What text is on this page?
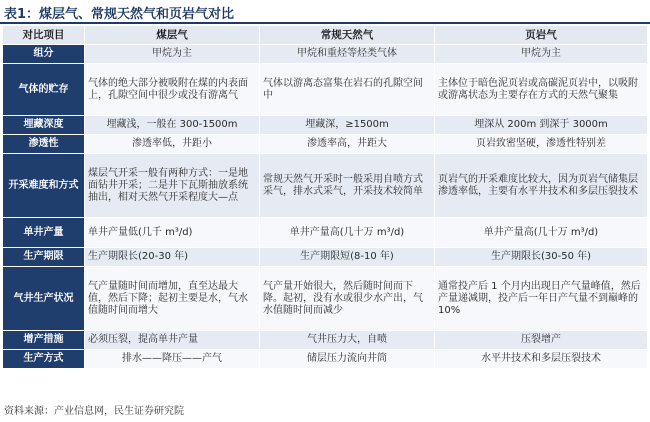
表1：煤层气、常规天然气和页岩气对比
对比项目	煤层气	常规天然气	页岩气
组分	甲烷为主	甲烷和重烃等烃类气体	甲烷为主
气体的贮存	气体的绝大部分被吸附在煤的内表面上，孔隙空间中很少或没有游离气	气体以游离态富集在岩石的孔隙空间中	主体位于暗色泥页岩或高碳泥页岩中，以吸附或游离状态为主要存在方式的天然气聚集
埋藏深度	埋藏浅，一般在 300-1500m	埋藏深，≥1500m	埋深从 200m 到深于 3000m
渗透性	渗透率低，井距小	渗透率高，井距大	页岩致密坚硬，渗透性特别差
开采难度和方式	煤层气开采一般有两种方式：一是地面钻井开采；二是井下瓦斯抽放系统抽出，相对天然气开采程度大—点	常规天然气开采时一般采用自喷方式采气，排水式采气，开采技术较简单	页岩气的开采难度比较大，因为页岩气储集层渗透率低，主要有水平井技术和多层压裂技术
单井产量	单井产量低(几千 m³/d)	单井产量高(几十万 m³/d)	单井产量高(几十万 m³/d)
生产期限	生产期限长(20-30 年)	生产期限短(8-10 年)	生产期限长(30-50 年)
气井生产状况	气产量随时间而增加，直至达最大值，然后下降；起初主要是水，气水值随时间而增大	气产量开始很大，然后随时间而下降。起初，没有水或很少水产出，气水值随时间而减少	通常投产后 1 个月内出现日产气量峰值，然后产量递减期，投产后一年日产气量不到巅峰的 10%
增产措施	必须压裂，提高单井产量	气井压力大，自喷	压裂增产
生产方式	排水——降压——产气	储层压力流向井筒	水平井技术和多层压裂技术
资料来源：产业信息网，民生证券研究院
